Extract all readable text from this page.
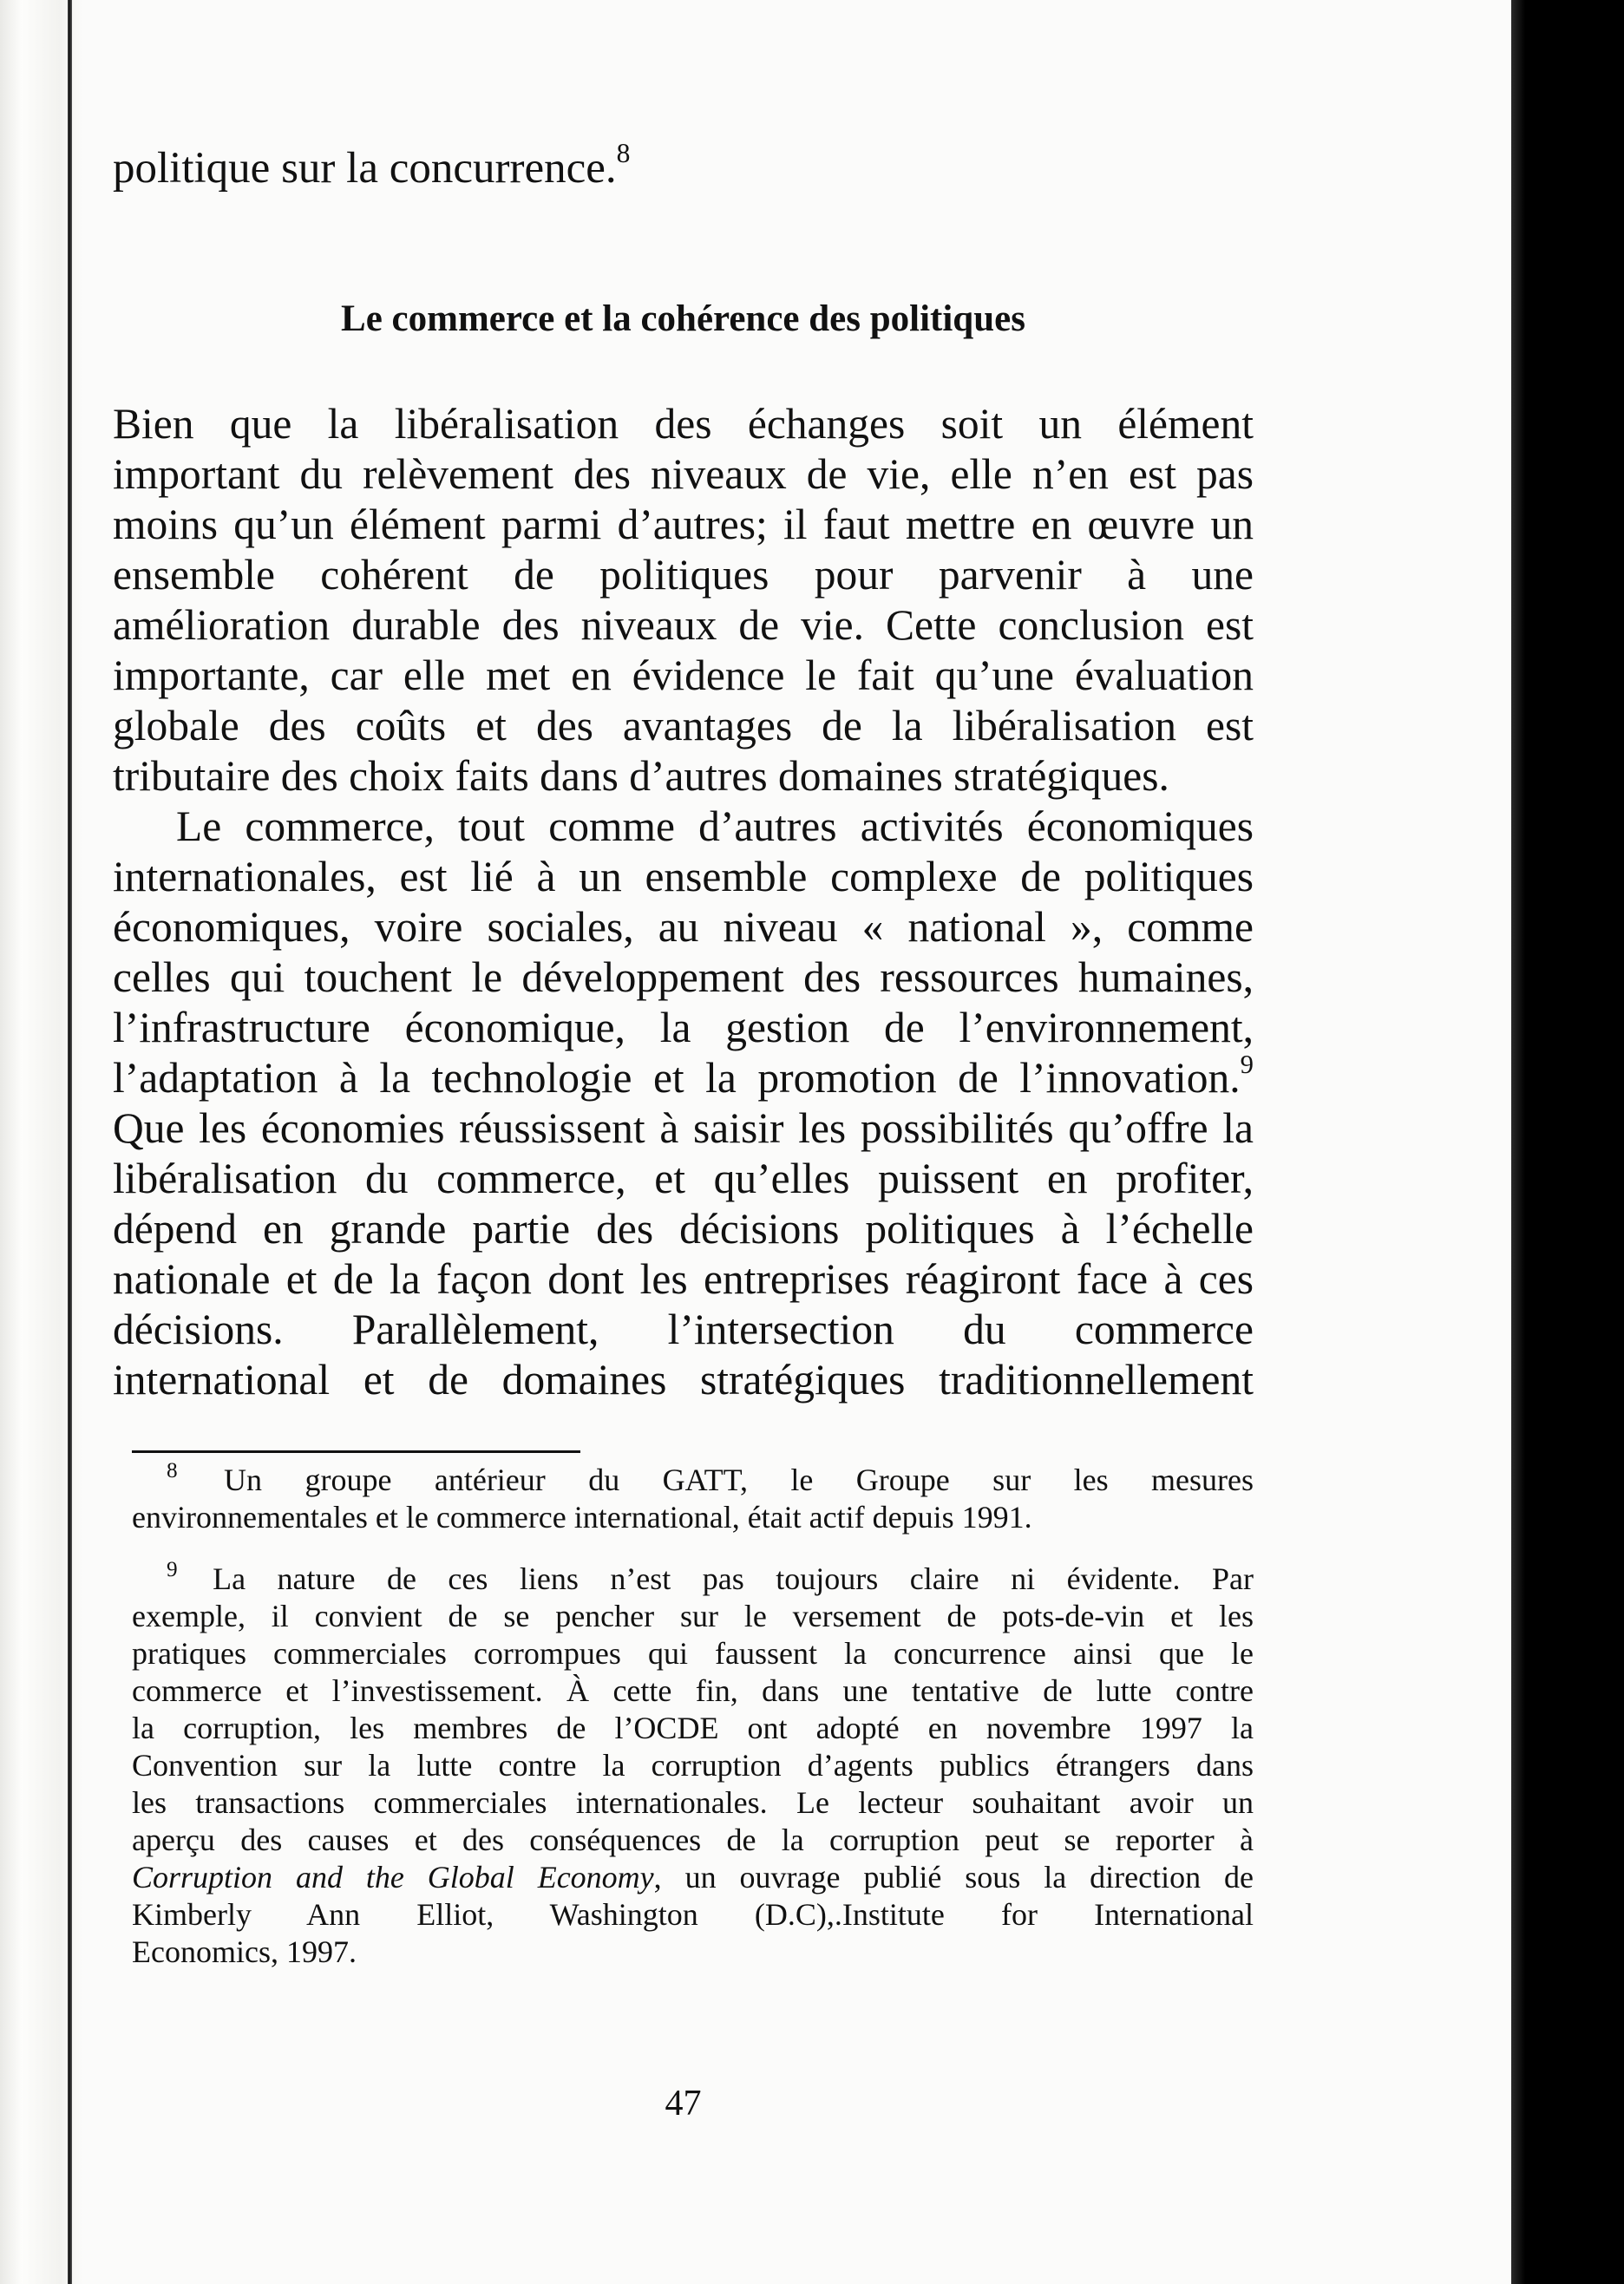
politique sur la concurrence.$^8$

Le commerce et la cohérence des politiques
Bien que la libéralisation des échanges soit un élément
important du relèvement des niveaux de vie, elle n’en est pas
moins qu’un élément parmi d’autres; il faut mettre en œuvre un
ensemble cohérent de politiques pour parvenir à une
amélioration durable des niveaux de vie. Cette conclusion est
importante, car elle met en évidence le fait qu’une évaluation
globale des coûts et des avantages de la libéralisation est
tributaire des choix faits dans d’autres domaines stratégiques.
Le commerce, tout comme d’autres activités économiques
internationales, est lié à un ensemble complexe de politiques
économiques, voire sociales, au niveau « national », comme
celles qui touchent le développement des ressources humaines,
l’infrastructure économique, la gestion de l’environnement,
l’adaptation à la technologie et la promotion de l’innovation.$^9$
Que les économies réussissent à saisir les possibilités qu’offre la
libéralisation du commerce, et qu’elles puissent en profiter,
dépend en grande partie des décisions politiques à l’échelle
nationale et de la façon dont les entreprises réagiront face à ces
décisions. Parallèlement, l’intersection du commerce
international et de domaines stratégiques traditionnellement
$^8$ Un groupe antérieur du GATT, le Groupe sur les mesures
environnementales et le commerce international, était actif depuis 1991.
$^9$ La nature de ces liens n’est pas toujours claire ni évidente. Par
exemple, il convient de se pencher sur le versement de pots-de-vin et les
pratiques commerciales corrompues qui faussent la concurrence ainsi que le
commerce et l’investissement. À cette fin, dans une tentative de lutte contre
la corruption, les membres de l’OCDE ont adopté en novembre 1997 la
Convention sur la lutte contre la corruption d’agents publics étrangers dans
les transactions commerciales internationales. Le lecteur souhaitant avoir un
aperçu des causes et des conséquences de la corruption peut se reporter à
Corruption and the Global Economy, un ouvrage publié sous la direction de
Kimberly Ann Elliot, Washington (D.C),.Institute for International
Economics, 1997.

47
